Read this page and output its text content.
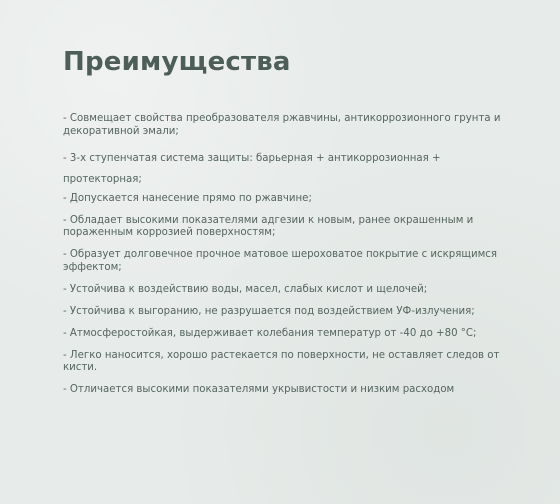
Преимущества
- Совмещает свойства преобразователя ржавчины, антикоррозионного грунта и декоративной эмали;
- 3-х ступенчатая система защиты: барьерная + антикоррозионная + протекторная;
- Допускается нанесение прямо по ржавчине;
- Обладает высокими показателями адгезии к новым, ранее окрашенным и пораженным коррозией поверхностям;
- Образует долговечное прочное матовое шероховатое покрытие с искрящимся эффектом;
- Устойчива к воздействию воды, масел, слабых кислот и щелочей;
- Устойчива к выгоранию, не разрушается под воздействием УФ-излучения;
- Атмосферостойкая, выдерживает колебания температур от -40 до +80 °С;
- Легко наносится, хорошо растекается по поверхности, не оставляет следов от кисти.
- Отличается высокими показателями укрывистости и низким расходом
